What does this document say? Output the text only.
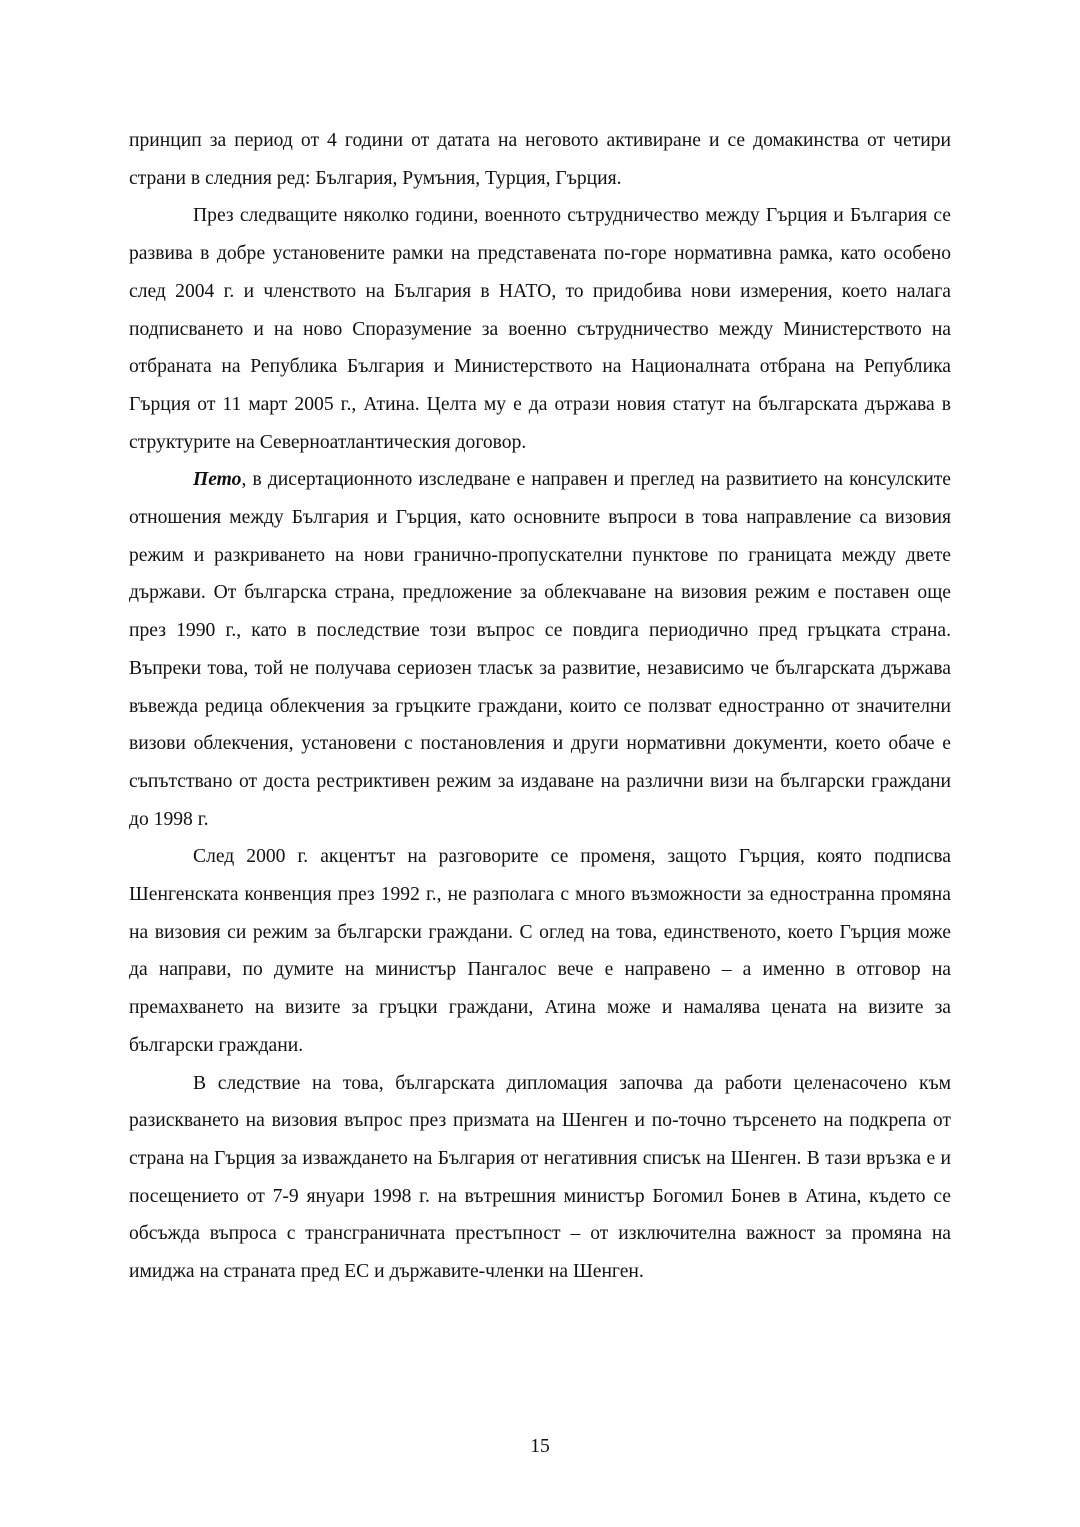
принцип за период от 4 години от датата на неговото активиране и се домакинства от четири страни в следния ред: България, Румъния, Турция, Гърция.

През следващите няколко години, военното сътрудничество между Гърция и България се развива в добре установените рамки на представената по-горе нормативна рамка, като особено след 2004 г. и членството на България в НАТО, то придобива нови измерения, което налага подписването и на ново Споразумение за военно сътрудничество между Министерството на отбраната на Република България и Министерството на Националната отбрана на Република Гърция от 11 март 2005 г., Атина. Целта му е да отрази новия статут на българската държава в структурите на Северноатлантическия договор.

Пето, в дисертационното изследване е направен и преглед на развитието на консулските отношения между България и Гърция, като основните въпроси в това направление са визовия режим и разкриването на нови гранично-пропускателни пунктове по границата между двете държави. От българска страна, предложение за облекчаване на визовия режим е поставен още през 1990 г., като в последствие този въпрос се повдига периодично пред гръцката страна. Въпреки това, той не получава сериозен тласък за развитие, независимо че българската държава въвежда редица облекчения за гръцките граждани, които се ползват едностранно от значителни визови облекчения, установени с постановления и други нормативни документи, което обаче е съпътствано от доста рестриктивен режим за издаване на различни визи на български граждани до 1998 г.

След 2000 г. акцентът на разговорите се променя, защото Гърция, която подписва Шенгенската конвенция през 1992 г., не разполага с много възможности за едностранна промяна на визовия си режим за български граждани. С оглед на това, единственото, което Гърция може да направи, по думите на министър Пангалос вече е направено – а именно в отговор на премахването на визите за гръцки граждани, Атина може и намалява цената на визите за български граждани.

В следствие на това, българската дипломация започва да работи целенасочено към разискването на визовия въпрос през призмата на Шенген и по-точно търсенето на подкрепа от страна на Гърция за изваждането на България от негативния списък на Шенген. В тази връзка е и посещението от 7-9 януари 1998 г. на вътрешния министър Богомил Бонев в Атина, където се обсъжда въпроса с трансграничната престъпност – от изключителна важност за промяна на имиджа на страната пред ЕС и държавите-членки на Шенген.

15
